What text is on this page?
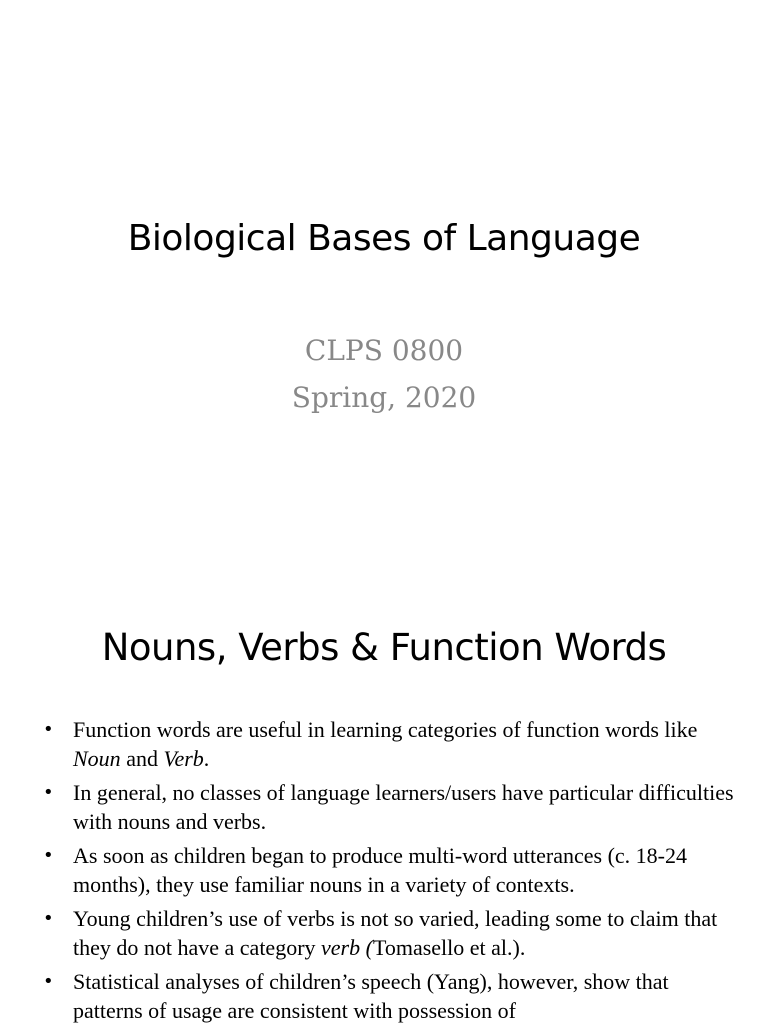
Biological Bases of Language
CLPS 0800
Spring, 2020
Nouns, Verbs & Function Words
• Function words are useful in learning categories of function words like Noun and Verb.
• In general, no classes of language learners/users have particular difficulties with nouns and verbs.
• As soon as children began to produce multi-word utterances (c. 18-24 months), they use familiar nouns in a variety of contexts.
• Young children’s use of verbs is not so varied, leading some to claim that they do not have a category verb (Tomasello et al.).
• Statistical analyses of children’s speech (Yang), however, show that patterns of usage are consistent with possession of
